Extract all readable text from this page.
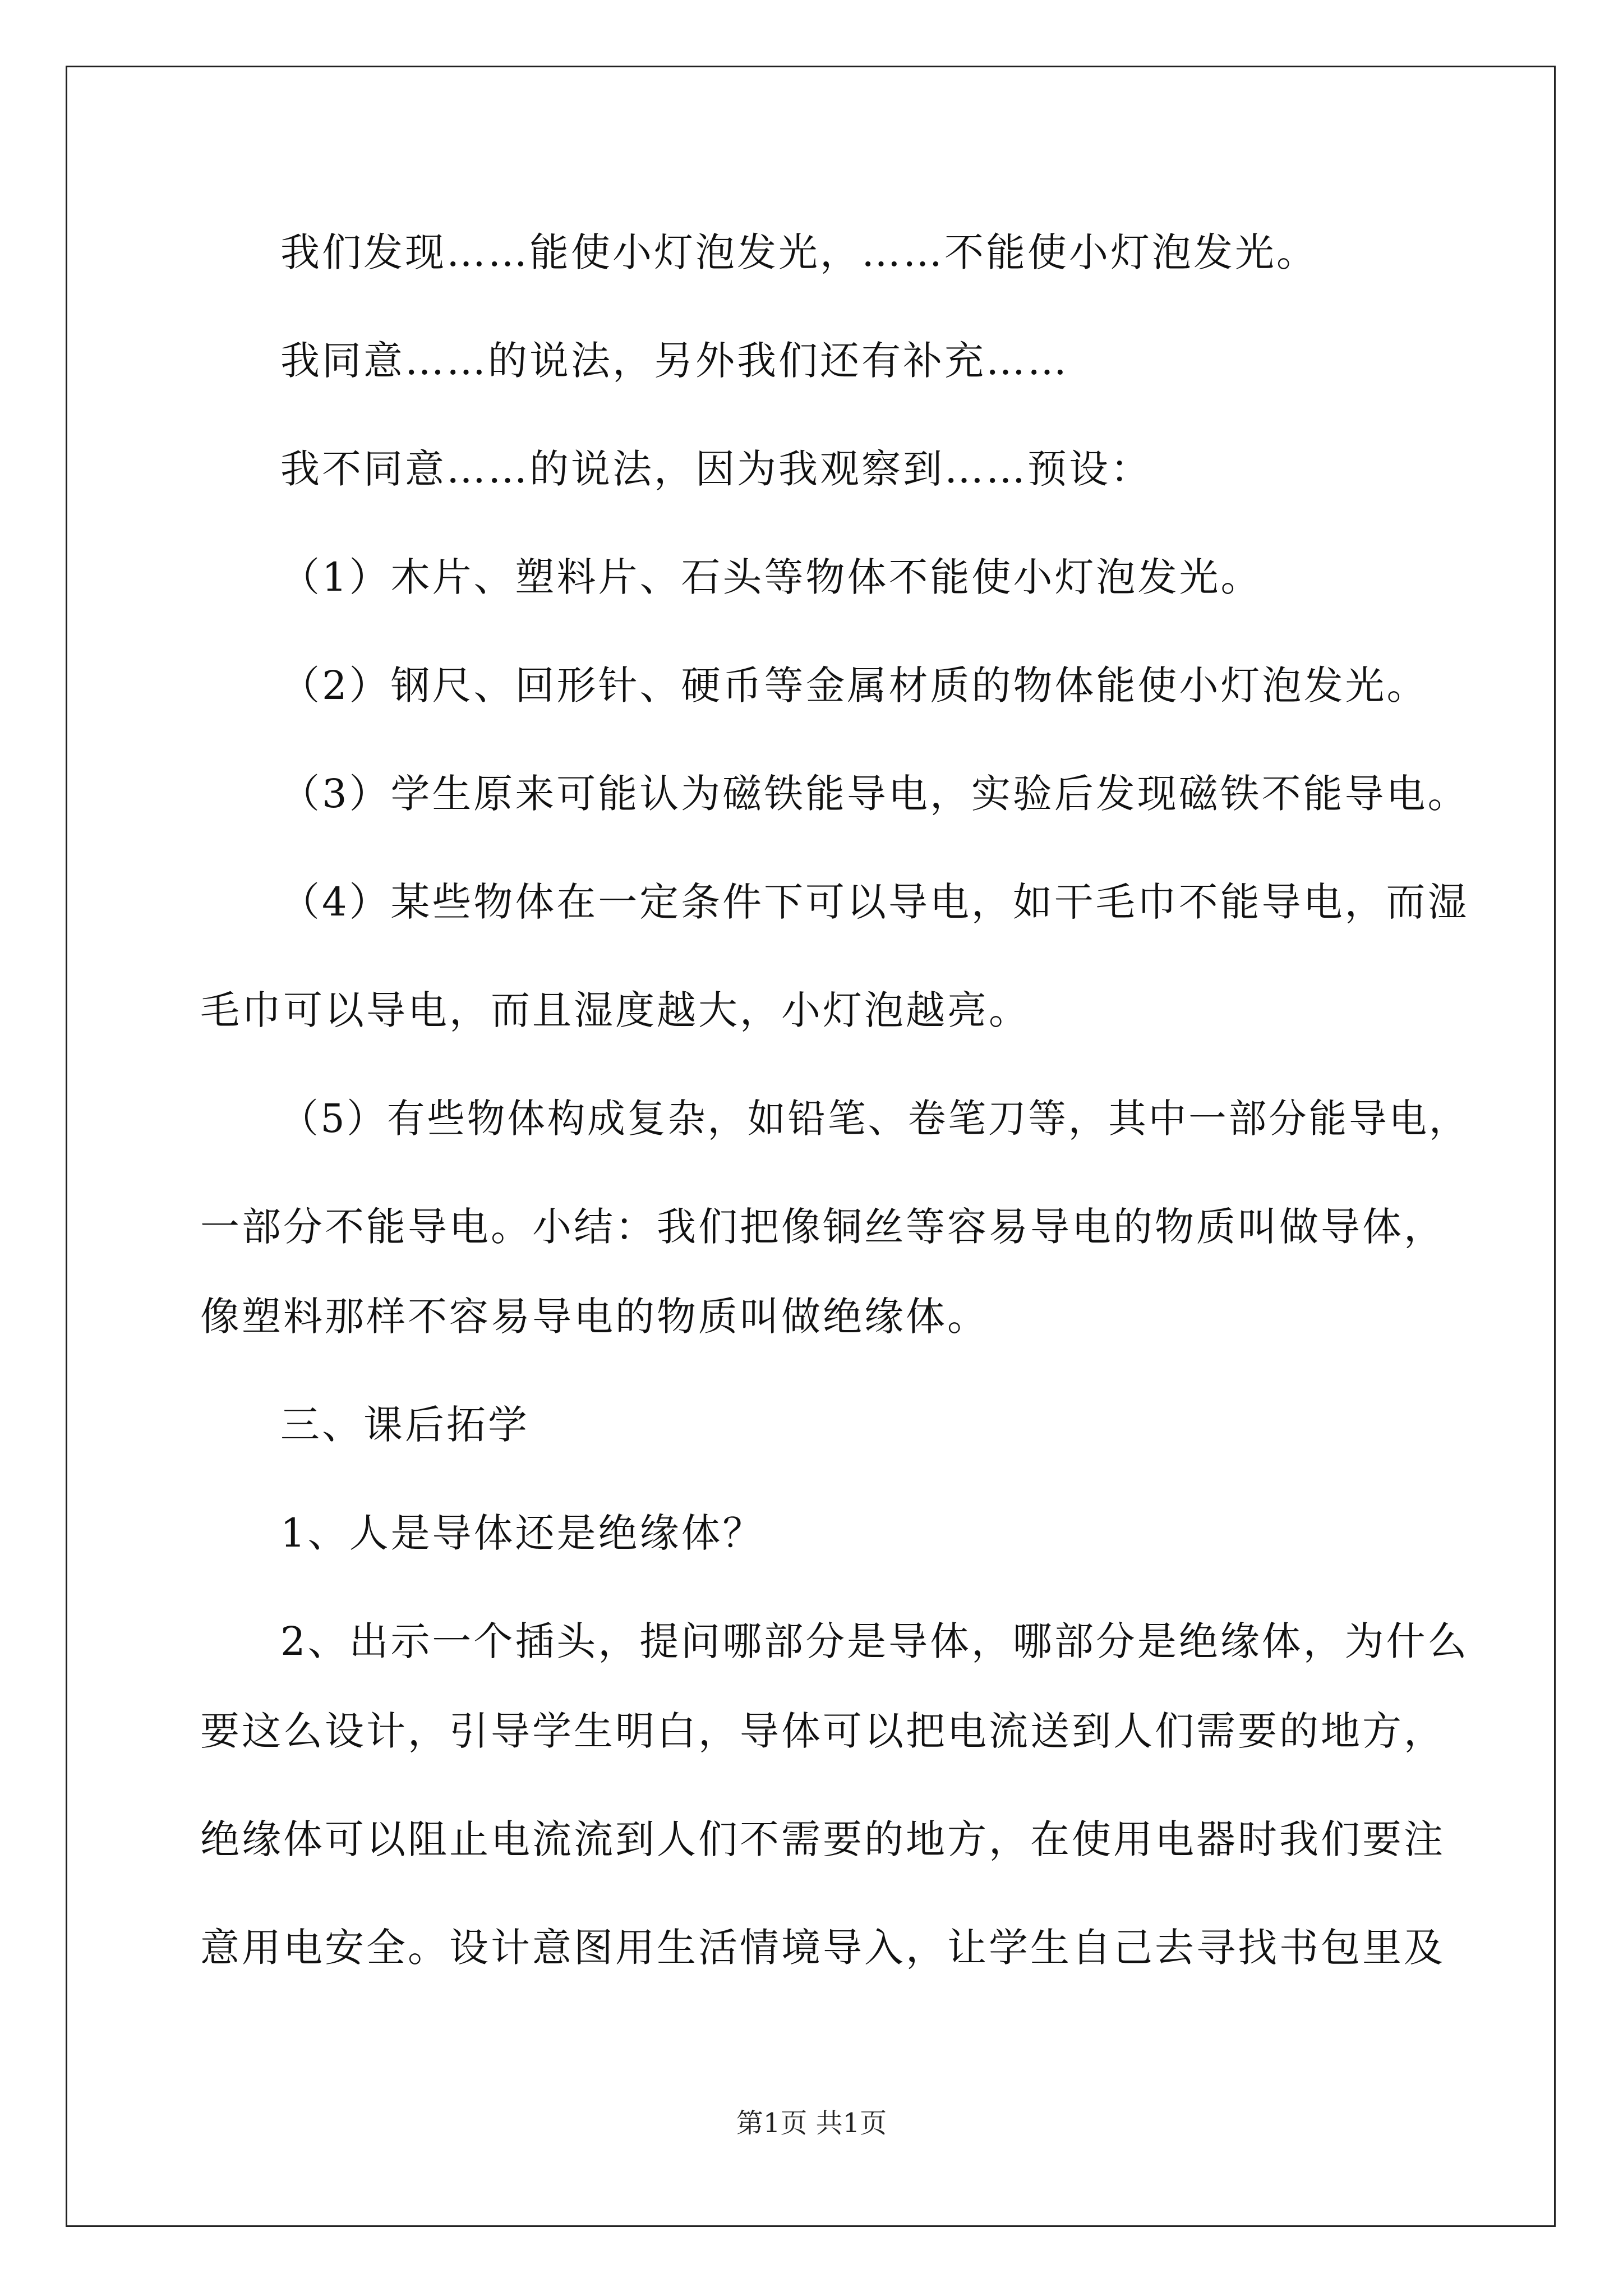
我们发现……能使小灯泡发光，……不能使小灯泡发光。
我同意……的说法，另外我们还有补充……
我不同意……的说法，因为我观察到……预设：
（1）木片、塑料片、石头等物体不能使小灯泡发光。
（2）钢尺、回形针、硬币等金属材质的物体能使小灯泡发光。
（3）学生原来可能认为磁铁能导电，实验后发现磁铁不能导电。
（4）某些物体在一定条件下可以导电，如干毛巾不能导电，而湿
毛巾可以导电，而且湿度越大，小灯泡越亮。
（5）有些物体构成复杂，如铅笔、卷笔刀等，其中一部分能导电，
一部分不能导电。小结：我们把像铜丝等容易导电的物质叫做导体，
像塑料那样不容易导电的物质叫做绝缘体。
三、课后拓学
1、人是导体还是绝缘体？
2、出示一个插头，提问哪部分是导体，哪部分是绝缘体，为什么
要这么设计，引导学生明白，导体可以把电流送到人们需要的地方，
绝缘体可以阻止电流流到人们不需要的地方，在使用电器时我们要注
意用电安全。设计意图用生活情境导入，让学生自己去寻找书包里及
第1页 共1页
